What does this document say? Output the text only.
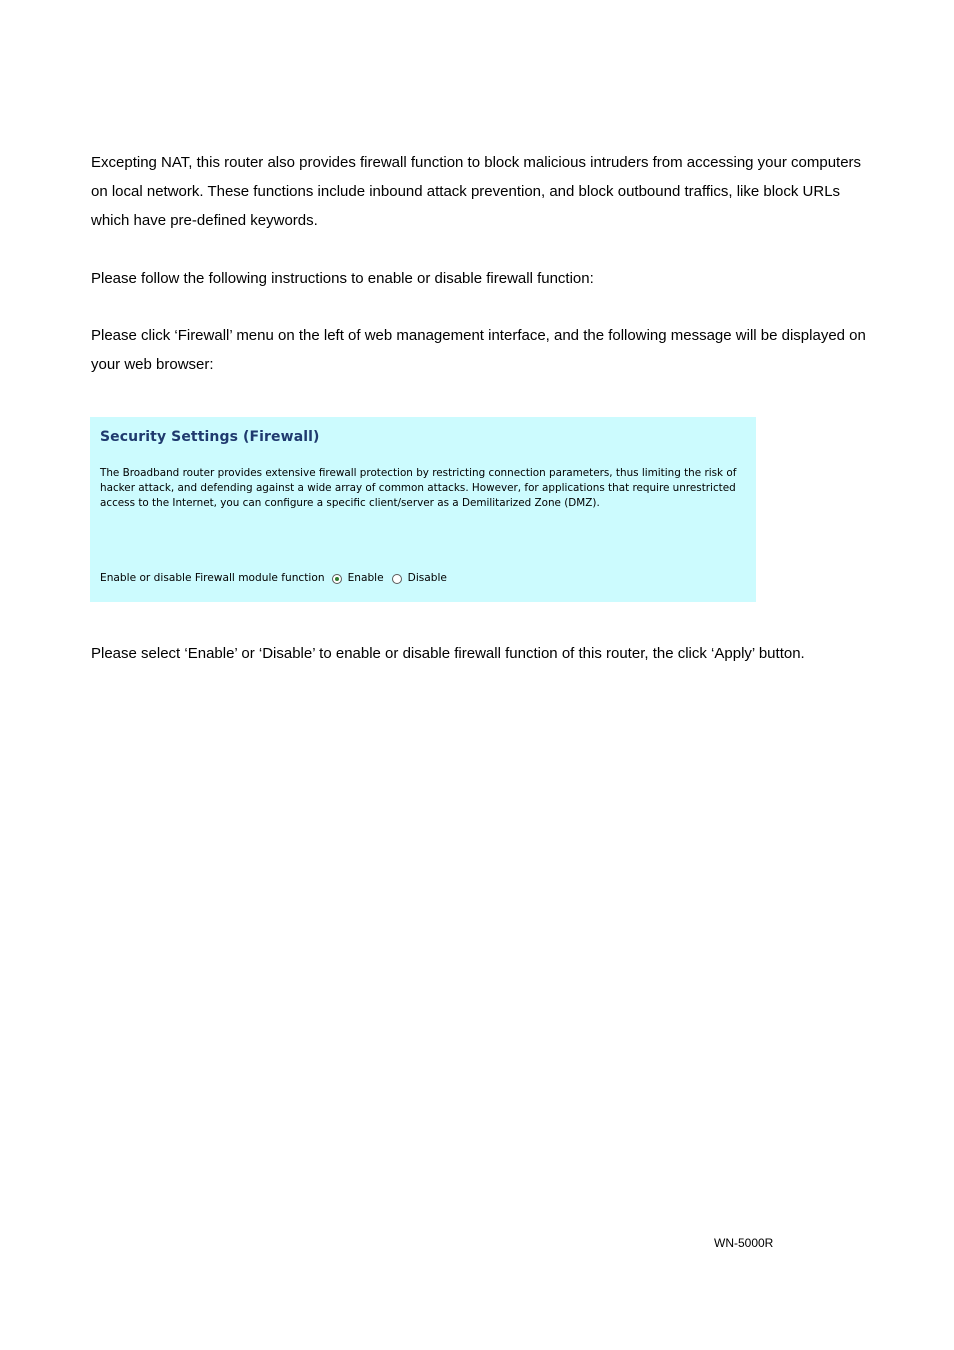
Excepting NAT, this router also provides firewall function to block malicious intruders from accessing your computers on local network. These functions include inbound attack prevention, and block outbound traffics, like block URLs which have pre-defined keywords.

Please follow the following instructions to enable or disable firewall function:

Please click ‘Firewall’ menu on the left of web management interface, and the following message will be displayed on your web browser:

Security Settings (Firewall)

The Broadband router provides extensive firewall protection by restricting connection parameters, thus limiting the risk of hacker attack, and defending against a wide array of common attacks. However, for applications that require unrestricted access to the Internet, you can configure a specific client/server as a Demilitarized Zone (DMZ).

Enable or disable Firewall module function Enable Disable

Please select ‘Enable’ or ‘Disable’ to enable or disable firewall function of this router, the click ‘Apply’ button.

WN-5000R
